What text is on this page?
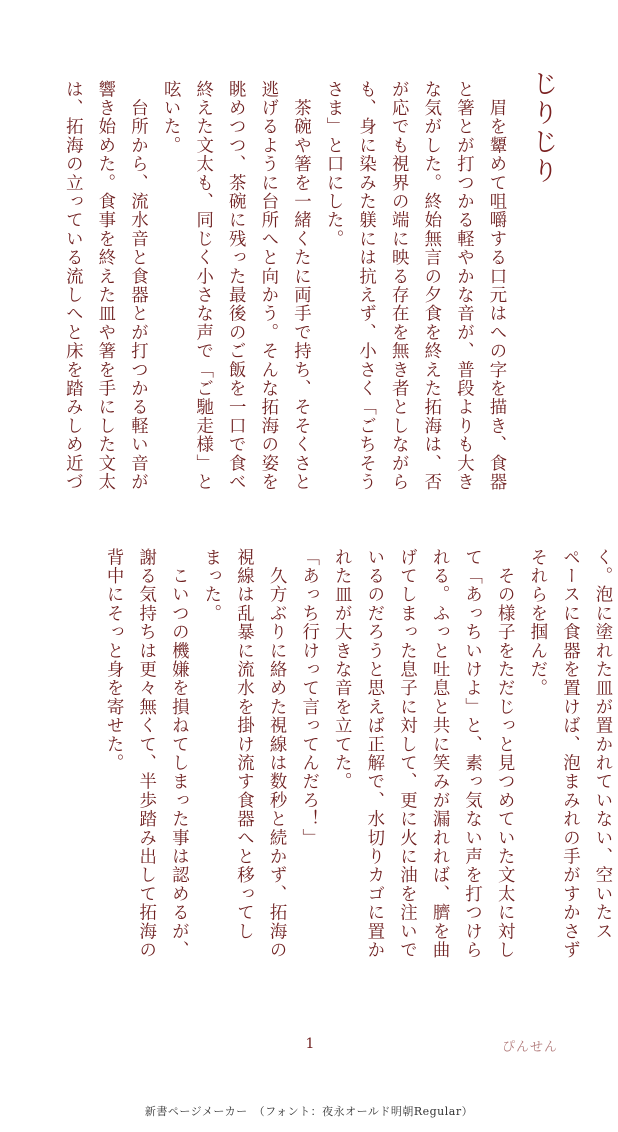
じりじり
　眉を顰めて咀嚼する口元はへの字を描き、食器
と箸とが打つかる軽やかな音が、普段よりも大き
な気がした。終始無言の夕食を終えた拓海は、否
が応でも視界の端に映る存在を無き者としながら
も、身に染みた躾には抗えず、小さく「ごちそう
さま」と口にした。
　茶碗や箸を一緒くたに両手で持ち、そそくさと
逃げるように台所へと向かう。そんな拓海の姿を
眺めつつ、茶碗に残った最後のご飯を一口で食べ
終えた文太も、同じく小さな声で「ご馳走様」と
呟いた。
　台所から、流水音と食器とが打つかる軽い音が
響き始めた。食事を終えた皿や箸を手にした文太
は、拓海の立っている流しへと床を踏みしめ近づ
く。泡に塗れた皿が置かれていない、空いたス
ペースに食器を置けば、泡まみれの手がすかさず
それらを掴んだ。
　その様子をただじっと見つめていた文太に対し
て「あっちいけよ」と、素っ気ない声を打つけら
れる。ふっと吐息と共に笑みが漏れれば、臍を曲
げてしまった息子に対して、更に火に油を注いで
いるのだろうと思えば正解で、水切りカゴに置か
れた皿が大きな音を立てた。
「あっち行けって言ってんだろ！」
　久方ぶりに絡めた視線は数秒と続かず、拓海の
視線は乱暴に流水を掛け流す食器へと移ってし
まった。
　こいつの機嫌を損ねてしまった事は認めるが、
謝る気持ちは更々無くて、半歩踏み出して拓海の
背中にそっと身を寄せた。
1	ぴんせん
新書ページメーカー　（フォント：夜永オールド明朝Regular）
